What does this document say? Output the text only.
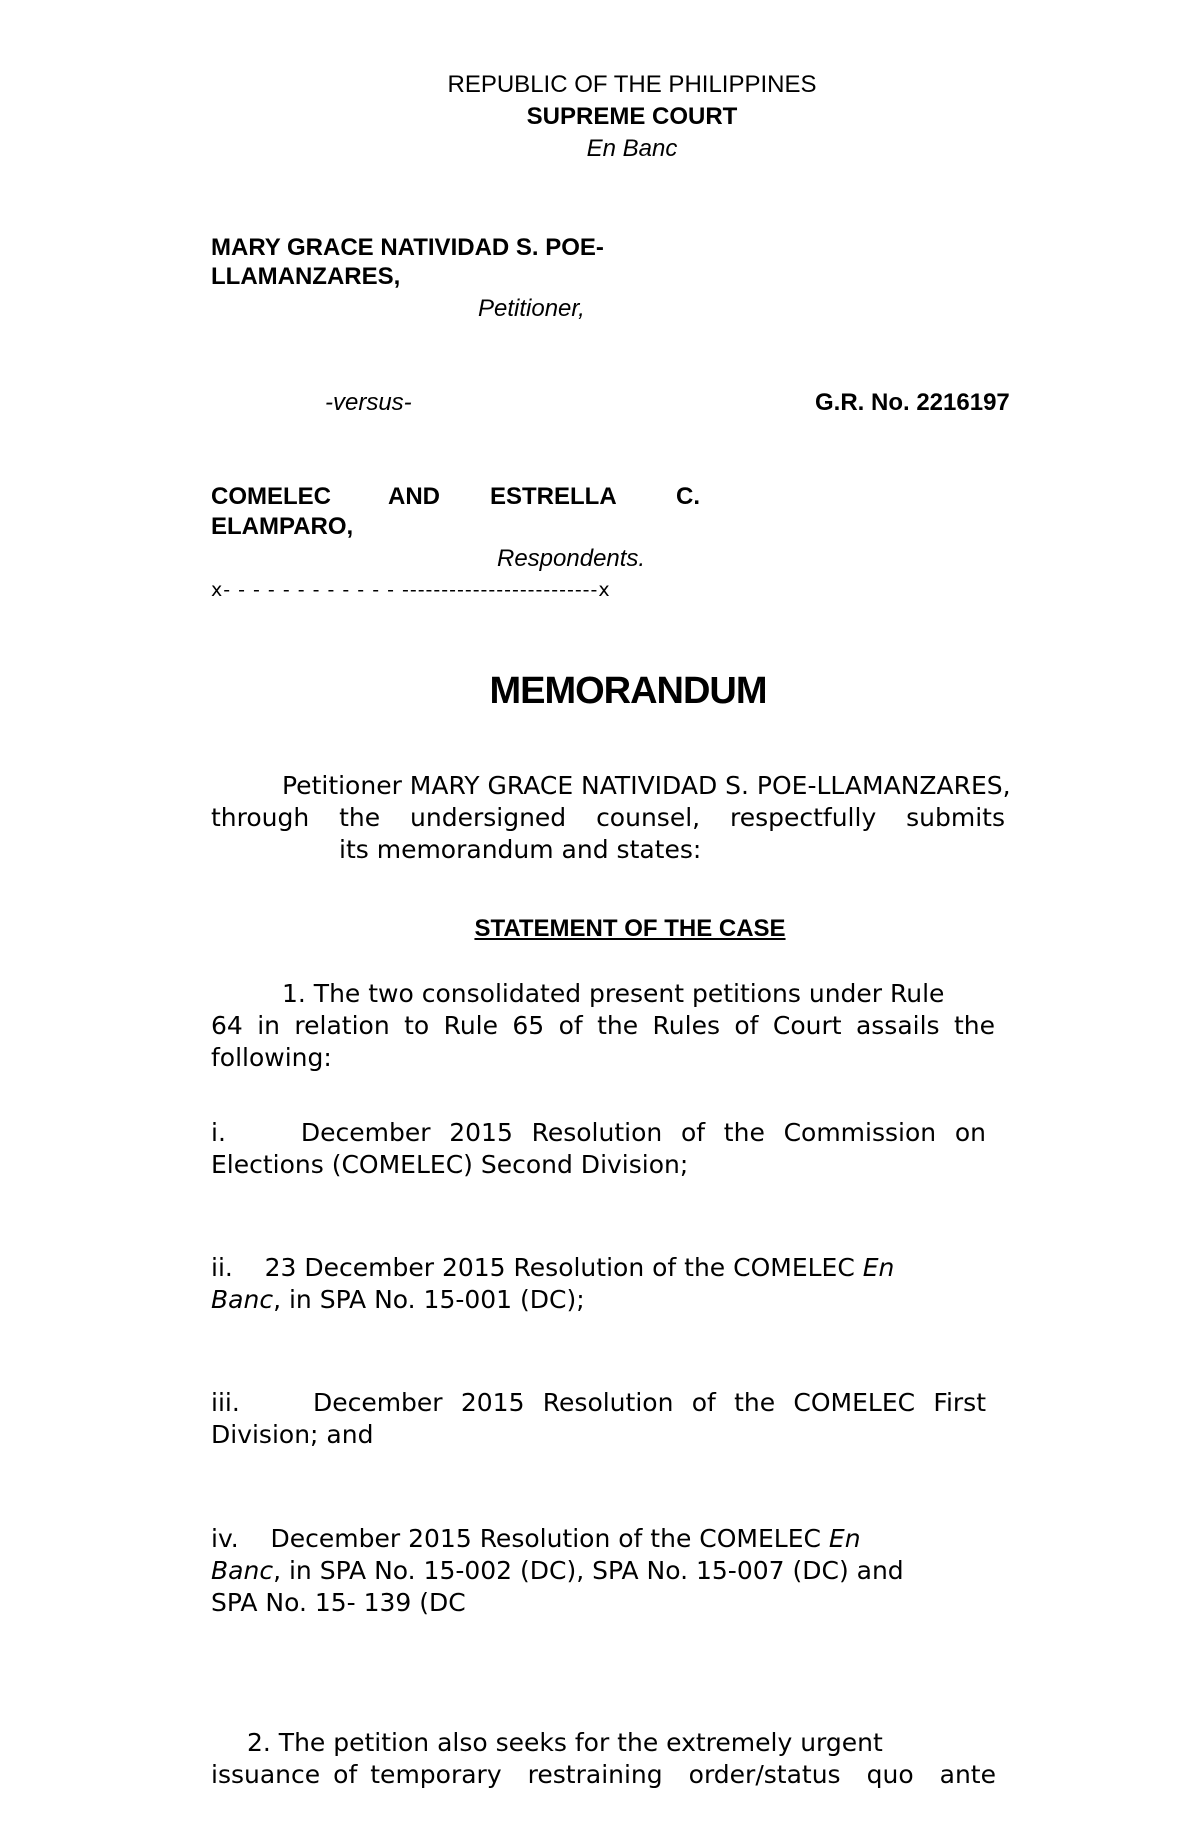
REPUBLIC OF THE PHILIPPINES
SUPREME COURT
En Banc
MARY GRACE NATIVIDAD S. POE-
LLAMANZARES,
Petitioner,
-versus-	G.R. No. 2216197
COMELEC AND ESTRELLA C.
ELAMPARO,
Respondents.
x- - - - - - - - - - - - -------------------------x
MEMORANDUM
Petitioner MARY GRACE NATIVIDAD S. POE-LLAMANZARES,
through the undersigned counsel, respectfully submits
its memorandum and states:
STATEMENT OF THE CASE
1. The two consolidated present petitions under Rule
64 in relation to Rule 65 of the Rules of Court assails the
following:
i.    December 2015 Resolution of the Commission on
Elections (COMELEC) Second Division;
ii.    23 December 2015 Resolution of the COMELEC En
Banc, in SPA No. 15-001 (DC);
iii.    December 2015 Resolution of the COMELEC First
Division; and
iv.    December 2015 Resolution of the COMELEC En
Banc, in SPA No. 15-002 (DC), SPA No. 15-007 (DC) and
SPA No. 15- 139 (DC
2. The petition also seeks for the extremely urgent
issuance of temporary  restraining  order/status  quo  ante
